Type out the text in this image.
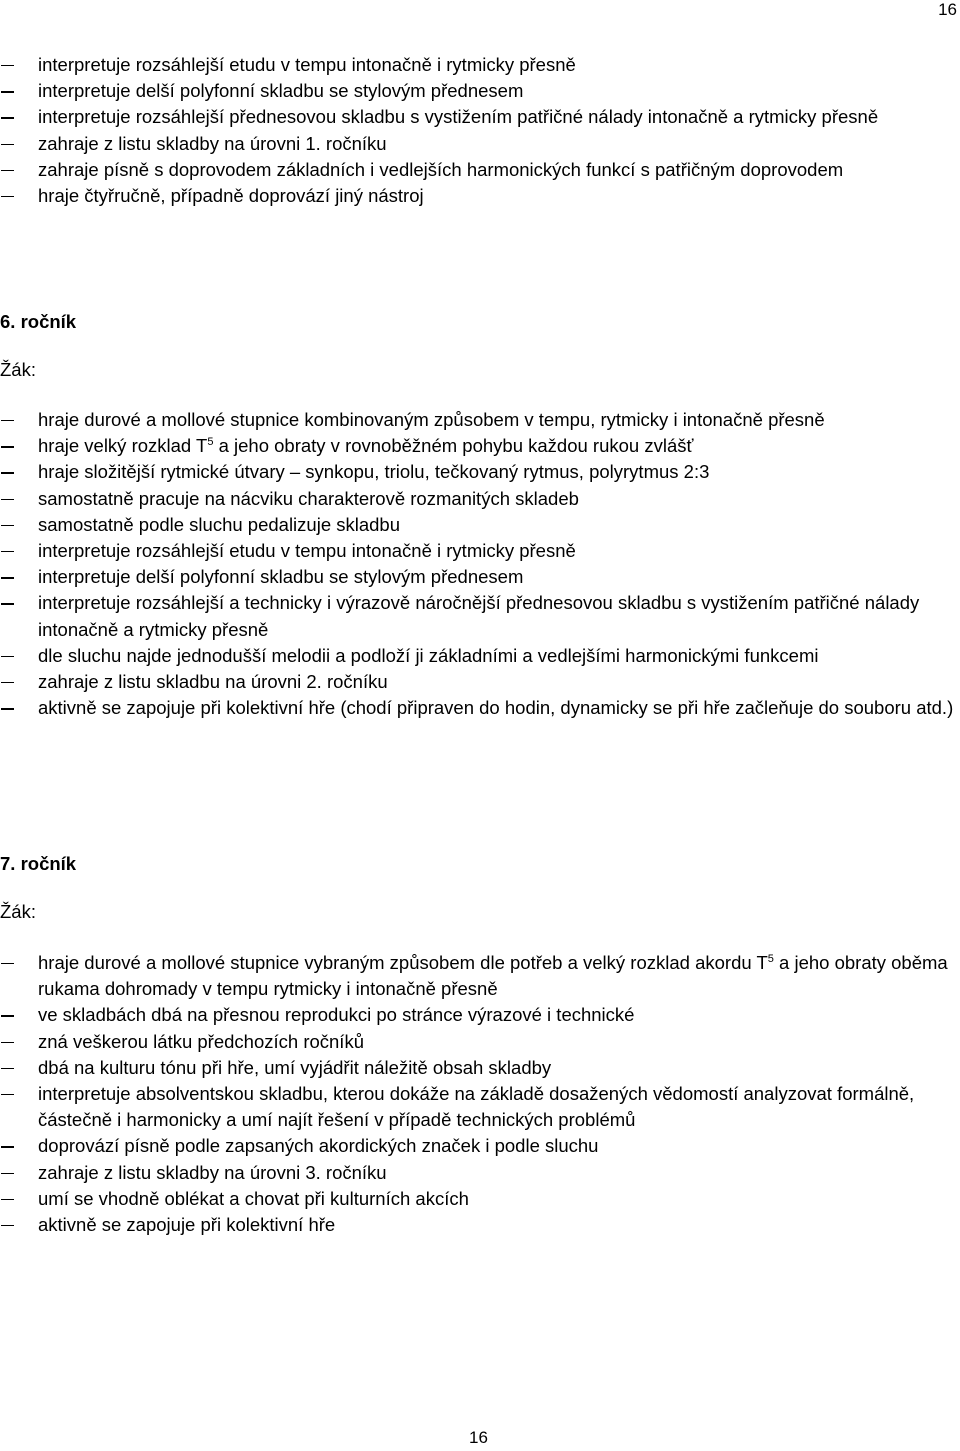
16
interpretuje rozsáhlejší etudu v tempu intonačně i rytmicky přesně
interpretuje delší polyfonní skladbu se stylovým přednesem
interpretuje rozsáhlejší přednesovou skladbu s vystižením patřičné nálady intonačně a rytmicky přesně
zahraje z listu skladby na úrovni 1. ročníku
zahraje písně s doprovodem základních i vedlejších harmonických funkcí s patřičným doprovodem
hraje čtyřručně, případně doprovází jiný nástroj
6. ročník
Žák:
hraje durové a mollové stupnice kombinovaným způsobem v tempu, rytmicky i intonačně přesně
hraje velký rozklad $T^5$ a jeho obraty v rovnoběžném pohybu každou rukou zvlášť
hraje složitější rytmické útvary – synkopu, triolu, tečkovaný rytmus, polyrytmus 2:3
samostatně pracuje na nácviku charakterově rozmanitých skladeb
samostatně podle sluchu pedalizuje skladbu
interpretuje rozsáhlejší etudu v tempu intonačně i rytmicky přesně
interpretuje delší polyfonní skladbu se stylovým přednesem
interpretuje rozsáhlejší a technicky i výrazově náročnější přednesovou skladbu s vystižením patřičné nálady intonačně a rytmicky přesně
dle sluchu najde jednodušší melodii a podloží ji základními a vedlejšími harmonickými funkcemi
zahraje z listu skladbu na úrovni 2. ročníku
aktivně se zapojuje při kolektivní hře (chodí připraven do hodin, dynamicky se při hře začleňuje do souboru atd.)
7. ročník
Žák:
hraje durové a mollové stupnice vybraným způsobem dle potřeb a velký rozklad akordu $T^5$ a jeho obraty oběma rukama dohromady v tempu rytmicky i intonačně přesně
ve skladbách dbá na přesnou reprodukci po stránce výrazové i technické
zná veškerou látku předchozích ročníků
dbá na kulturu tónu při hře, umí vyjádřit náležitě obsah skladby
interpretuje absolventskou skladbu, kterou dokáže na základě dosažených vědomostí analyzovat formálně, částečně i harmonicky a umí najít řešení v případě technických problémů
doprovází písně podle zapsaných akordických značek i podle sluchu
zahraje z listu skladby na úrovni 3. ročníku
umí se vhodně oblékat a chovat při kulturních akcích
aktivně se zapojuje při kolektivní hře
16
